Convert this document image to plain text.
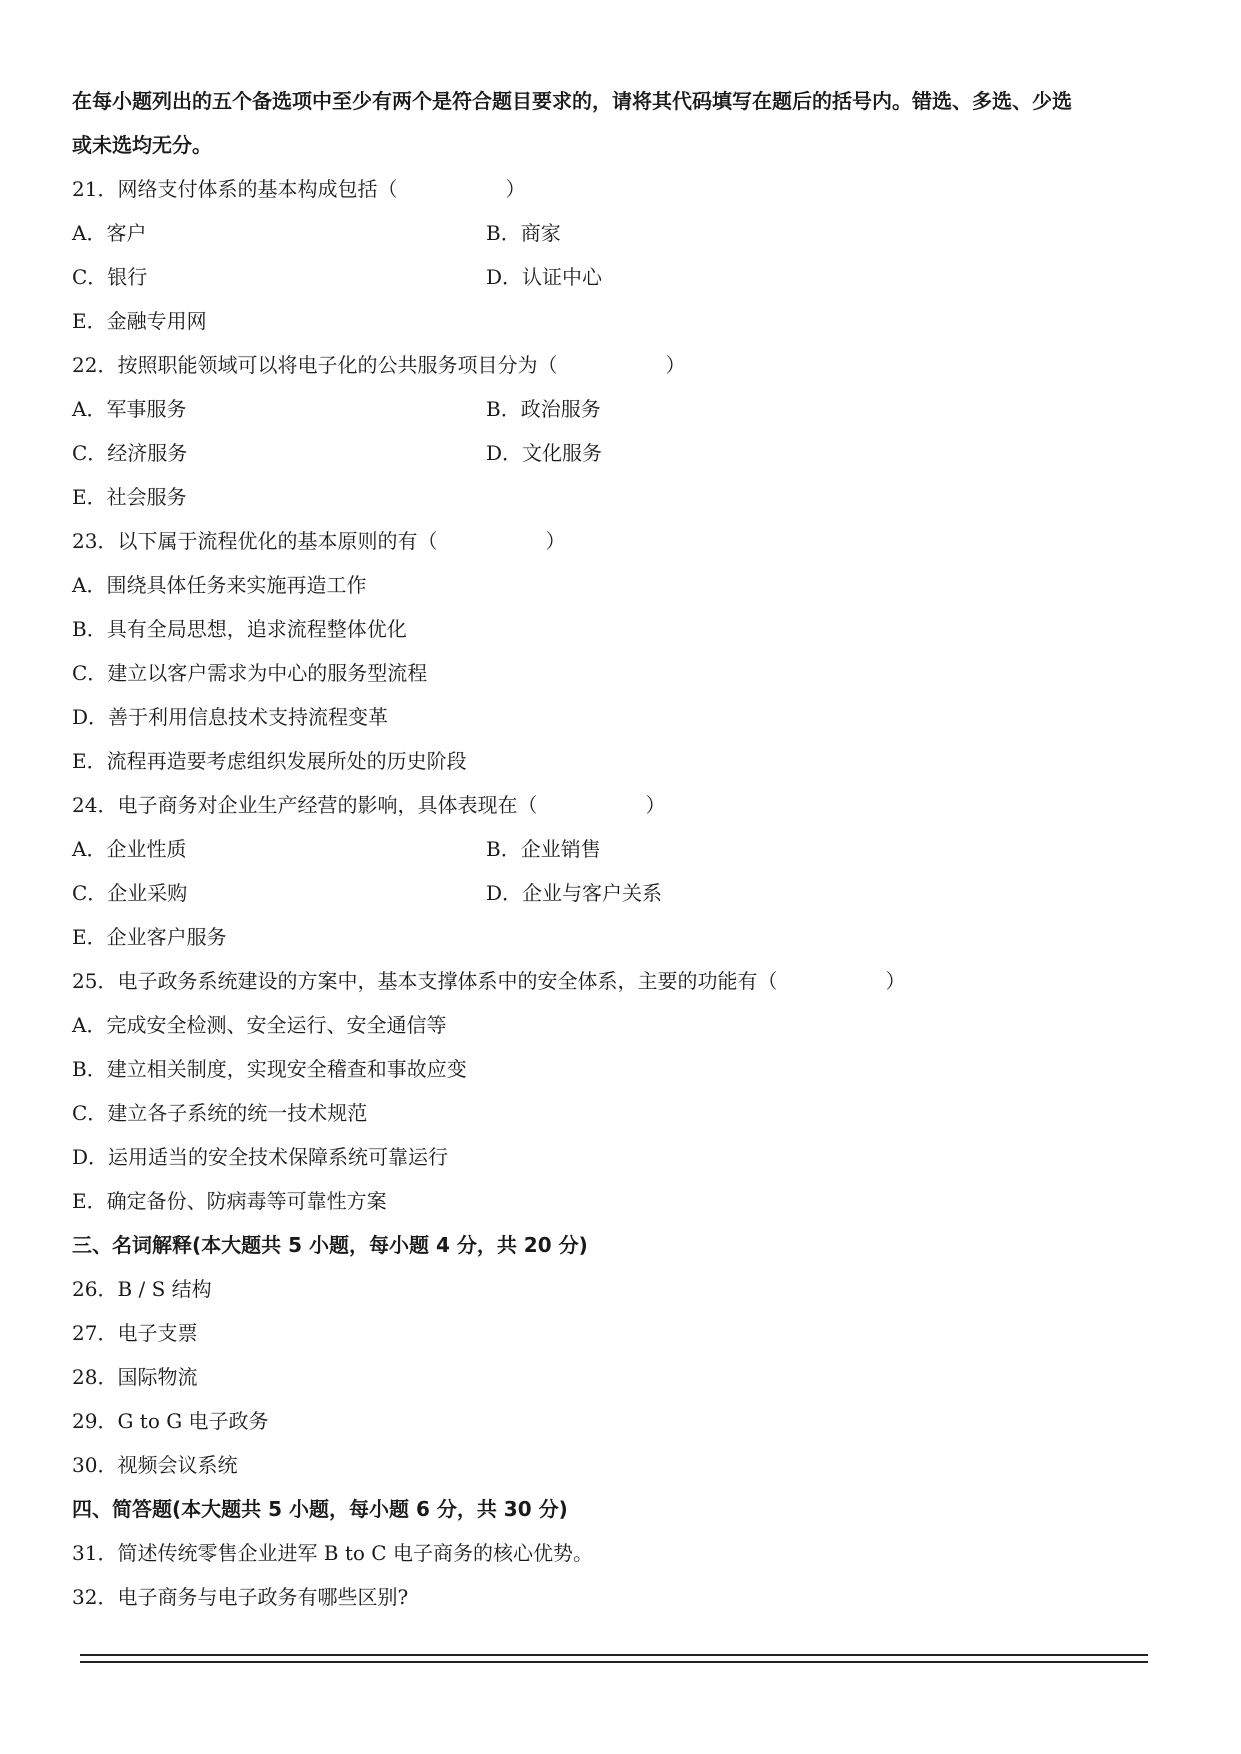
在每小题列出的五个备选项中至少有两个是符合题目要求的，请将其代码填写在题后的括号内。错选、多选、少选
或未选均无分。
21．网络支付体系的基本构成包括（	）
A．客户	B．商家
C．银行	D．认证中心
E．金融专用网
22．按照职能领域可以将电子化的公共服务项目分为（	）
A．军事服务	B．政治服务
C．经济服务	D．文化服务
E．社会服务
23．以下属于流程优化的基本原则的有（	）
A．围绕具体任务来实施再造工作
B．具有全局思想，追求流程整体优化
C．建立以客户需求为中心的服务型流程
D．善于利用信息技术支持流程变革
E．流程再造要考虑组织发展所处的历史阶段
24．电子商务对企业生产经营的影响，具体表现在（	）
A．企业性质	B．企业销售
C．企业采购	D．企业与客户关系
E．企业客户服务
25．电子政务系统建设的方案中，基本支撑体系中的安全体系，主要的功能有（	）
A．完成安全检测、安全运行、安全通信等
B．建立相关制度，实现安全稽查和事故应变
C．建立各子系统的统一技术规范
D．运用适当的安全技术保障系统可靠运行
E．确定备份、防病毒等可靠性方案
三、名词解释(本大题共 5 小题，每小题 4 分，共 20 分)
26．B / S 结构
27．电子支票
28．国际物流
29．G to G 电子政务
30．视频会议系统
四、简答题(本大题共 5 小题，每小题 6 分，共 30 分)
31．简述传统零售企业进军 B to C 电子商务的核心优势。
32．电子商务与电子政务有哪些区别?
